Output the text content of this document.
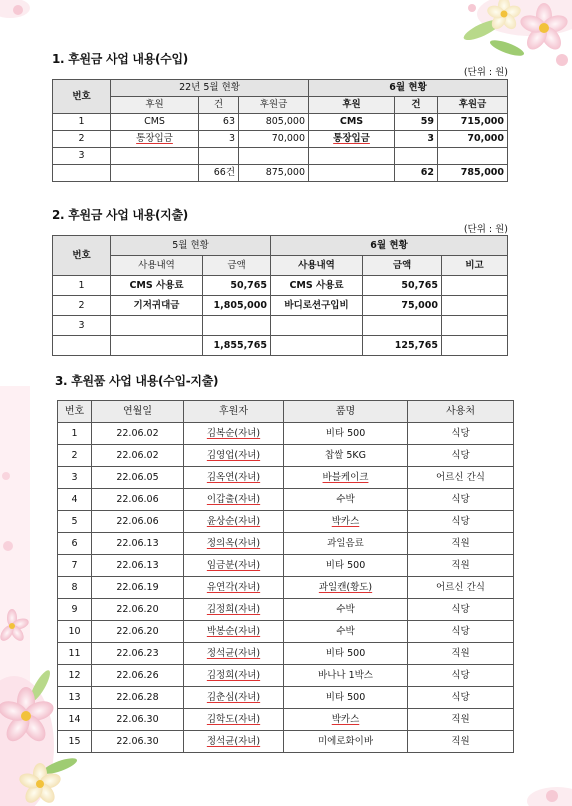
1. 후원금 사업 내용(수입)
(단위 : 원)
번호	22년 5월 현황			6월 현황		
	후원	건	후원금	후원	건	후원금
1	CMS	63	805,000	CMS	59	715,000
2	통장입금	3	70,000	통장입금	3	70,000
3						
		66건	875,000		62	785,000
2. 후원금 사업 내용(지출)
(단위 : 원)
번호	5월 현황		6월 현황		
	사용내역	금액	사용내역	금액	비고
1	CMS 사용료	50,765	CMS 사용료	50,765	
2	기저귀대금	1,805,000	바디로션구입비	75,000	
3					
		1,855,765		125,765	
3. 후원품 사업 내용(수입-지출)
번호	연월일	후원자	품명	사용처
1	22.06.02	김복순(자녀)	비타 500	식당
2	22.06.02	김영업(자녀)	찹쌀 5KG	식당
3	22.06.05	김옥연(자녀)	바블케이크	어르신 간식
4	22.06.06	이갑출(자녀)	수박	식당
5	22.06.06	윤상순(자녀)	박카스	식당
6	22.06.13	정의옥(자녀)	과일음료	직원
7	22.06.13	임금분(자녀)	비타 500	직원
8	22.06.19	유연각(자녀)	과일캔(황도)	어르신 간식
9	22.06.20	김정희(자녀)	수박	식당
10	22.06.20	박봉순(자녀)	수박	식당
11	22.06.23	정석균(자녀)	비타 500	직원
12	22.06.26	김정희(자녀)	바나나 1박스	식당
13	22.06.28	김춘심(자녀)	비타 500	식당
14	22.06.30	김학도(자녀)	박카스	직원
15	22.06.30	정석균(자녀)	미에로화이바	직원
